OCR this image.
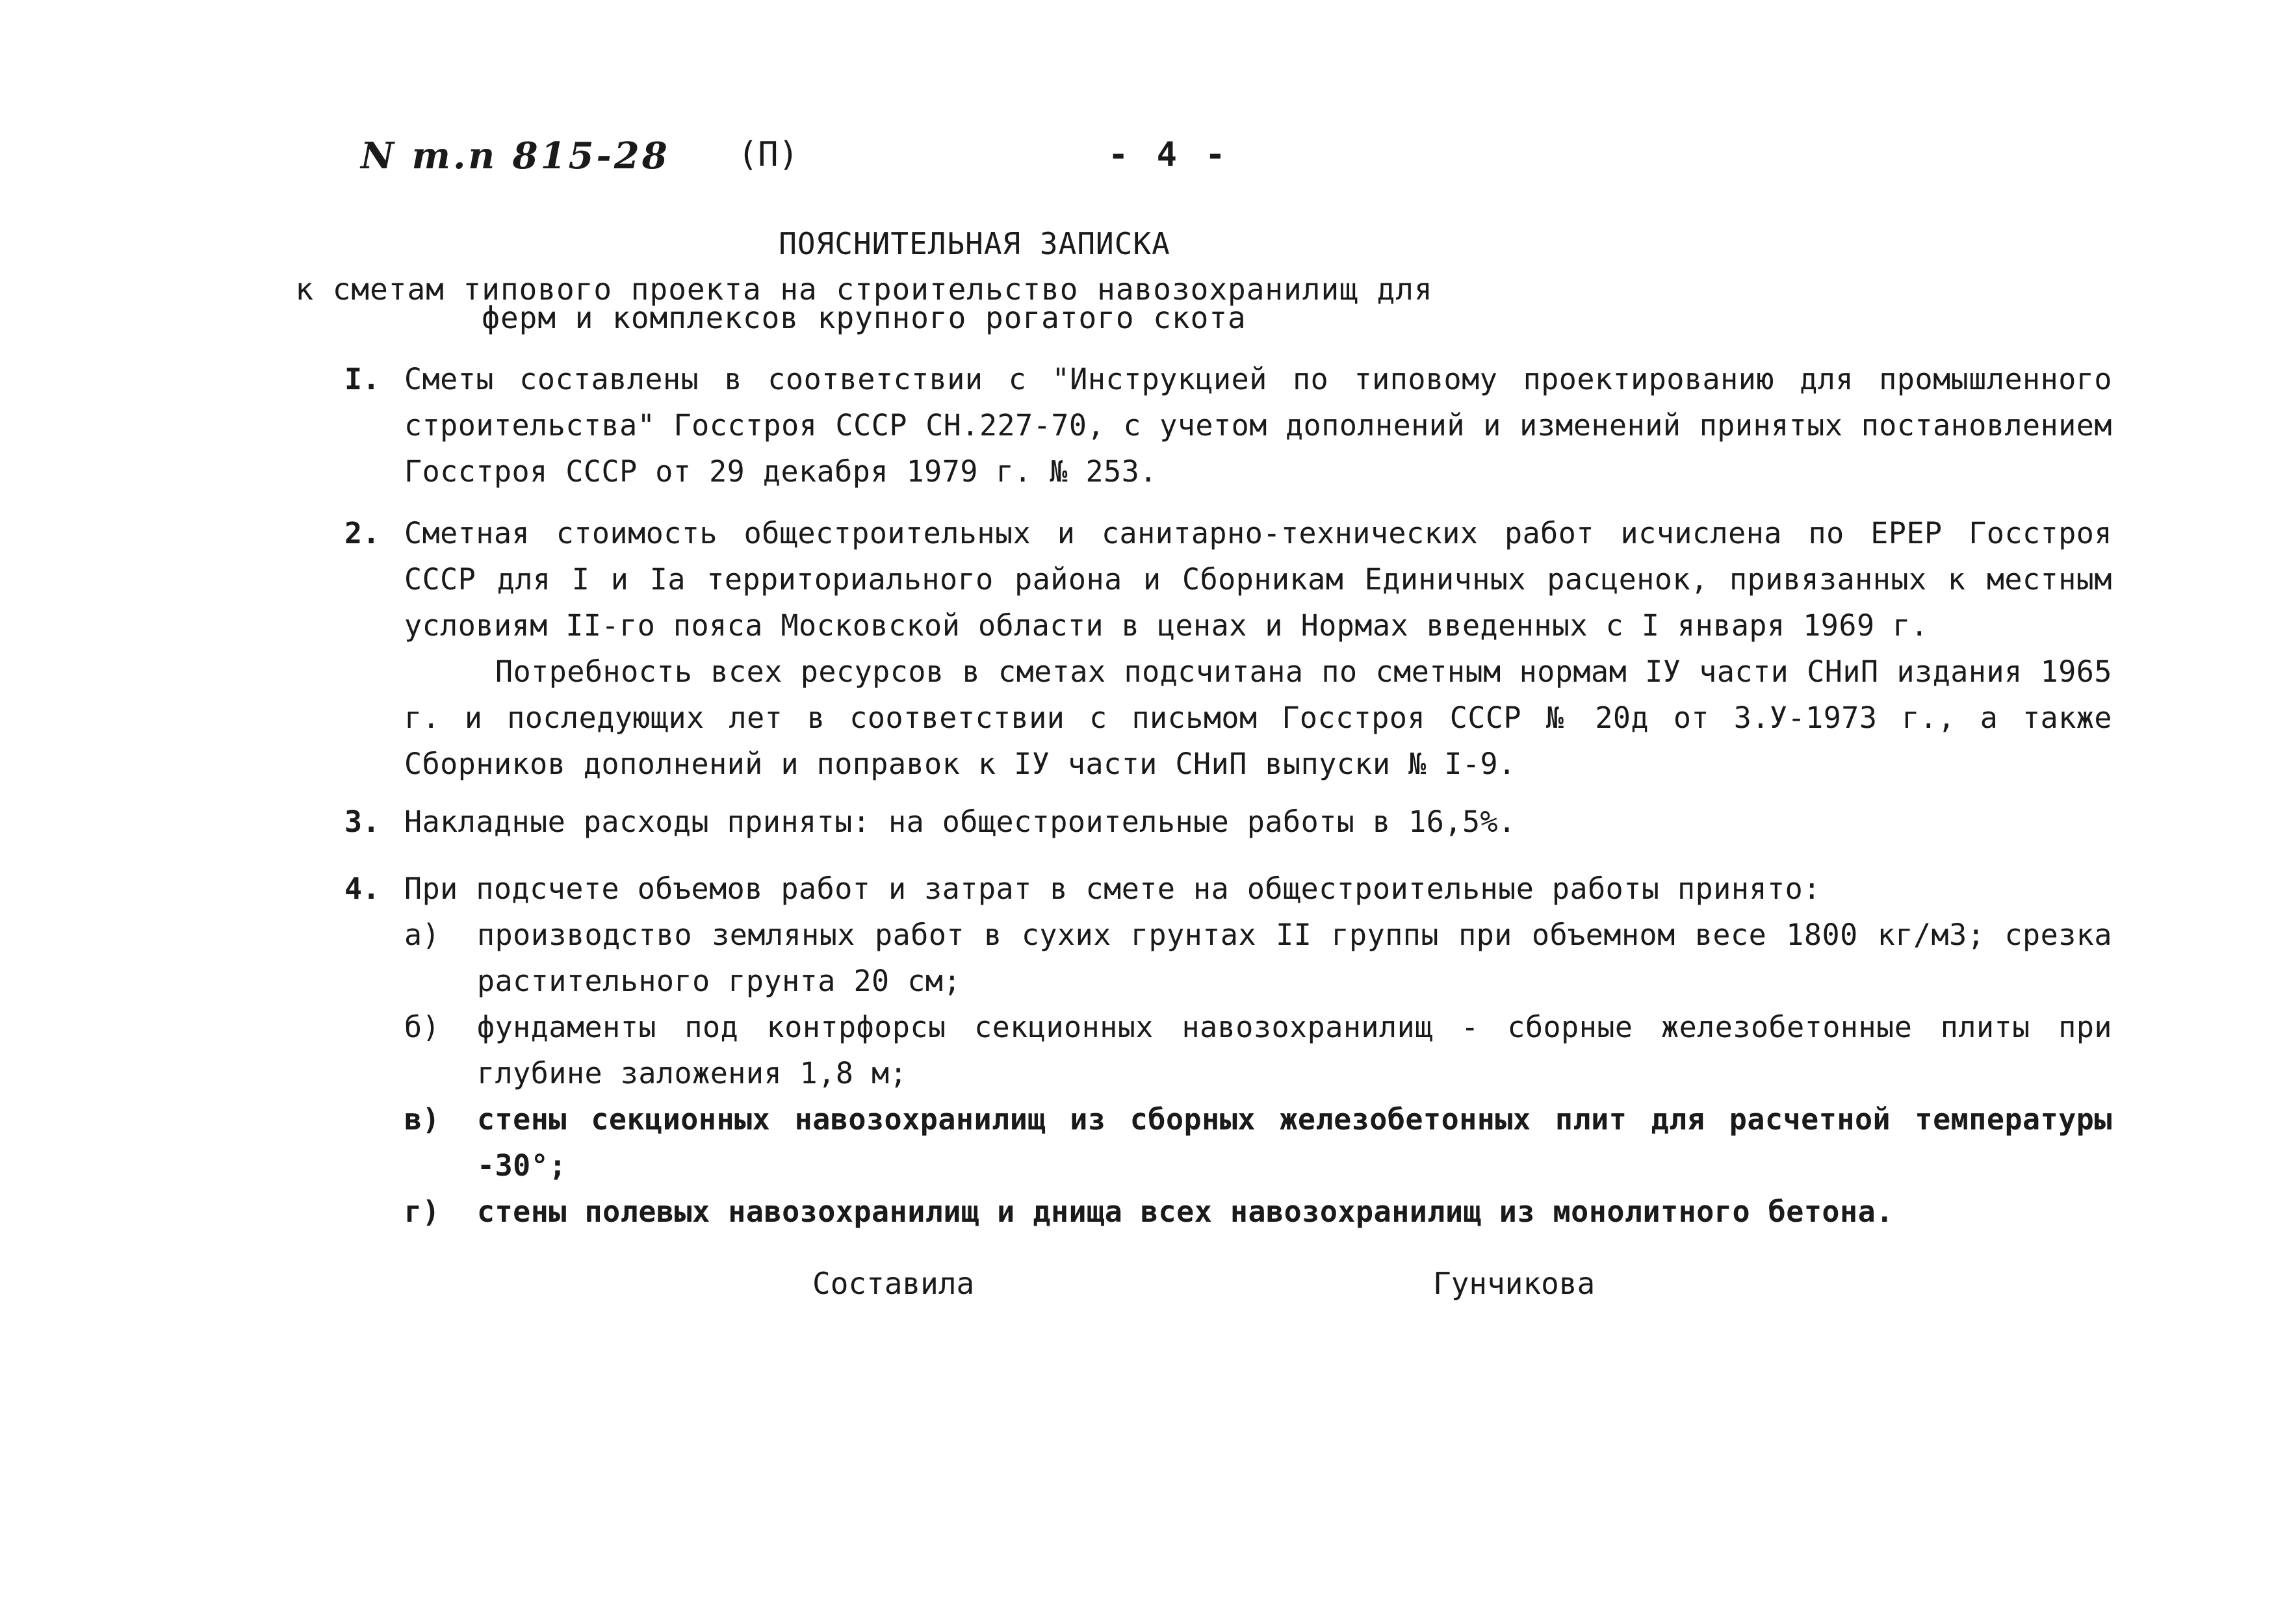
N т.п 815-28 (П)	- 4 -
ПОЯСНИТЕЛЬНАЯ ЗАПИСКА
к сметам типового проекта на строительство навозохранилищ для
ферм и комплексов крупного рогатого скота
I. Сметы составлены в соответствии с "Инструкцией по типовому проектированию для промышленного строительства" Госстроя СССР СН.227-70, с учетом дополнений и изменений принятых постановлением Госстроя СССР от 29 декабря 1979 г. № 253.
2. Сметная стоимость общестроительных и санитарно-технических работ исчислена по ЕРЕР Госстроя СССР для I и Iа территориального района и Сборникам Единичных расценок, привязанных к местным условиям II-го пояса Московской области в ценах и Нормах введенных с I января 1969 г.
Потребность всех ресурсов в сметах подсчитана по сметным нормам IУ части СНиП издания 1965 г. и последующих лет в соответствии с письмом Госстроя СССР № 20д от 3.У-1973 г., а также Сборников дополнений и поправок к IУ части СНиП выпуски № I-9.
3. Накладные расходы приняты: на общестроительные работы в 16,5%.
4. При подсчете объемов работ и затрат в смете на общестроительные работы принято:
а) производство земляных работ в сухих грунтах II группы при объемном весе 1800 кг/м3; срезка растительного грунта 20 см;
б) фундаменты под контрфорсы секционных навозохранилищ - сборные железобетонные плиты при глубине заложения 1,8 м;
в) стены секционных навозохранилищ из сборных железобетонных плит для расчетной температуры -30°;
г) стены полевых навозохранилищ и днища всех навозохранилищ из монолитного бетона.
Составила	Гунчикова
